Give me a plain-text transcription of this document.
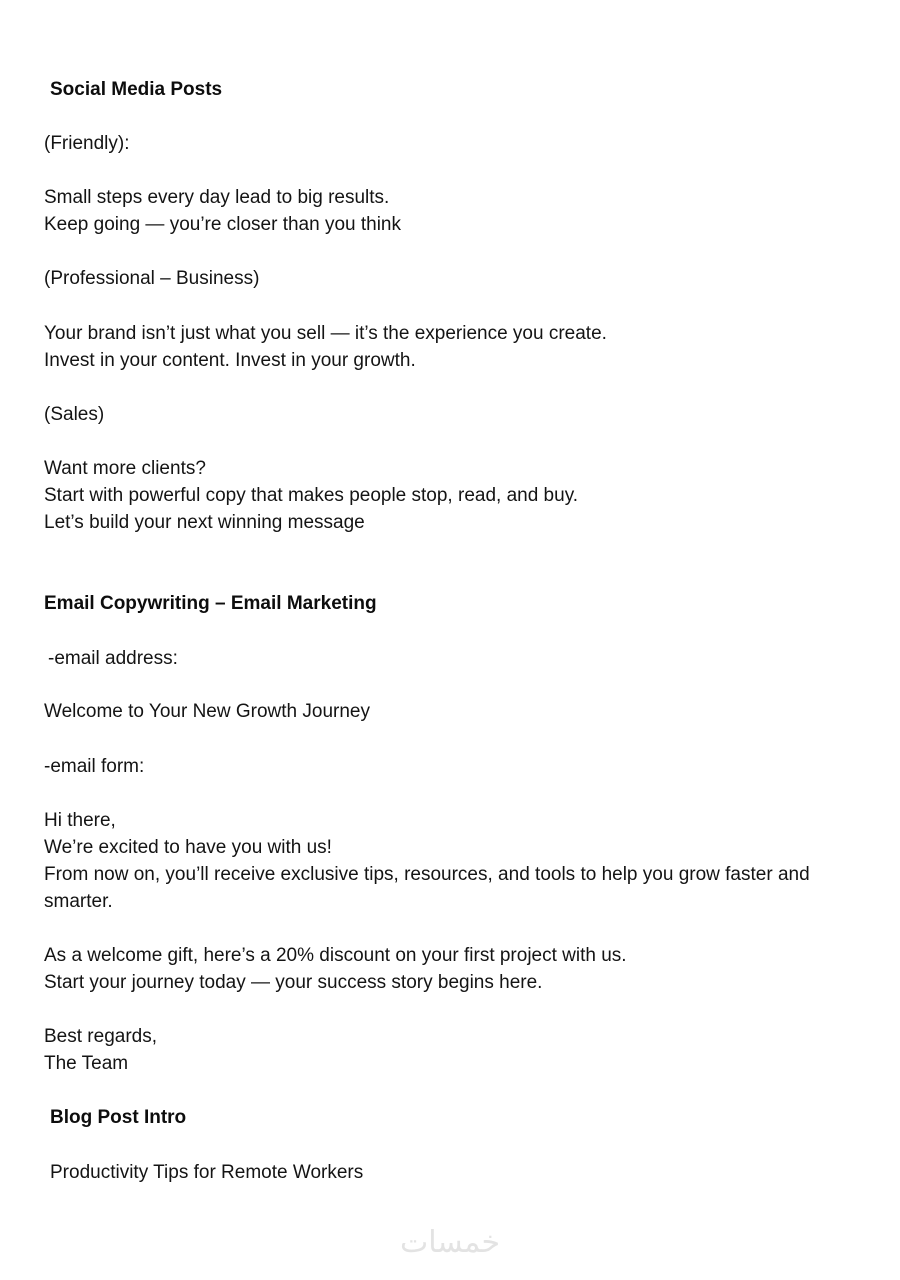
Social Media Posts
(Friendly):
Small steps every day lead to big results.
Keep going — you’re closer than you think
(Professional – Business)
Your brand isn’t just what you sell — it’s the experience you create.
Invest in your content. Invest in your growth.
(Sales)
Want more clients?
Start with powerful copy that makes people stop, read, and buy.
Let’s build your next winning message
Email Copywriting – Email Marketing
-email address:
Welcome to Your New Growth Journey
-email form:
Hi there,
We’re excited to have you with us!
From now on, you’ll receive exclusive tips, resources, and tools to help you grow faster and
smarter.
As a welcome gift, here’s a 20% discount on your first project with us.
Start your journey today — your success story begins here.
Best regards,
The Team
Blog Post Intro
Productivity Tips for Remote Workers
خمسات
